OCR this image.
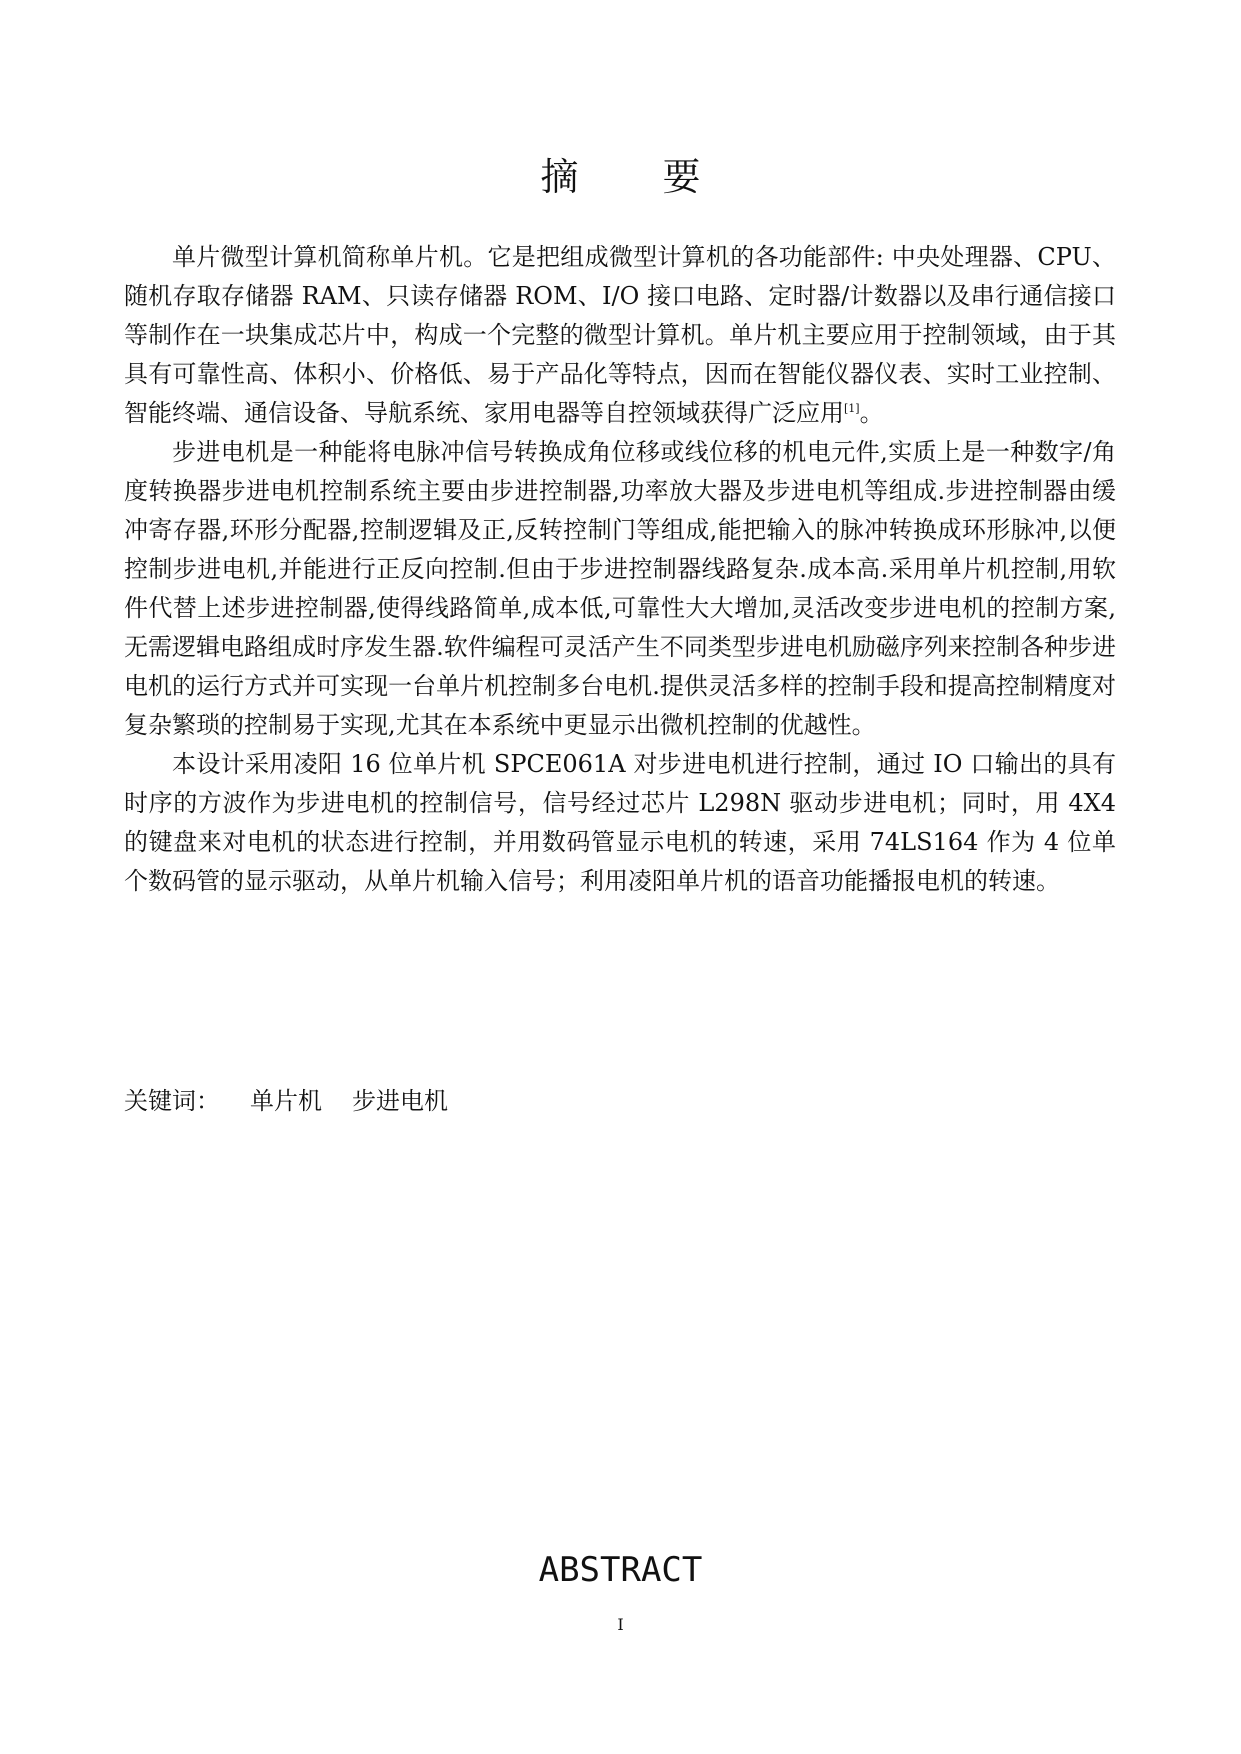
摘 要

单片微型计算机简称单片机。它是把组成微型计算机的各功能部件: 中央处理器、CPU、随机存取存储器 RAM、只读存储器 ROM、I/O 接口电路、定时器/计数器以及串行通信接口等制作在一块集成芯片中，构成一个完整的微型计算机。单片机主要应用于控制领域，由于其具有可靠性高、体积小、价格低、易于产品化等特点，因而在智能仪器仪表、实时工业控制、智能终端、通信设备、导航系统、家用电器等自控领域获得广泛应用[1]。

步进电机是一种能将电脉冲信号转换成角位移或线位移的机电元件,实质上是一种数字/角度转换器步进电机控制系统主要由步进控制器,功率放大器及步进电机等组成.步进控制器由缓冲寄存器,环形分配器,控制逻辑及正,反转控制门等组成,能把输入的脉冲转换成环形脉冲,以便控制步进电机,并能进行正反向控制.但由于步进控制器线路复杂.成本高.采用单片机控制,用软件代替上述步进控制器,使得线路简单,成本低,可靠性大大增加,灵活改变步进电机的控制方案,无需逻辑电路组成时序发生器.软件编程可灵活产生不同类型步进电机励磁序列来控制各种步进电机的运行方式并可实现一台单片机控制多台电机.提供灵活多样的控制手段和提高控制精度对复杂繁琐的控制易于实现,尤其在本系统中更显示出微机控制的优越性。

本设计采用凌阳 16 位单片机 SPCE061A 对步进电机进行控制，通过 IO 口输出的具有时序的方波作为步进电机的控制信号，信号经过芯片 L298N 驱动步进电机；同时，用 4X4 的键盘来对电机的状态进行控制，并用数码管显示电机的转速，采用 74LS164 作为 4 位单个数码管的显示驱动，从单片机输入信号；利用凌阳单片机的语音功能播报电机的转速。

关键词： 单片机 步进电机
ABSTRACT
I
